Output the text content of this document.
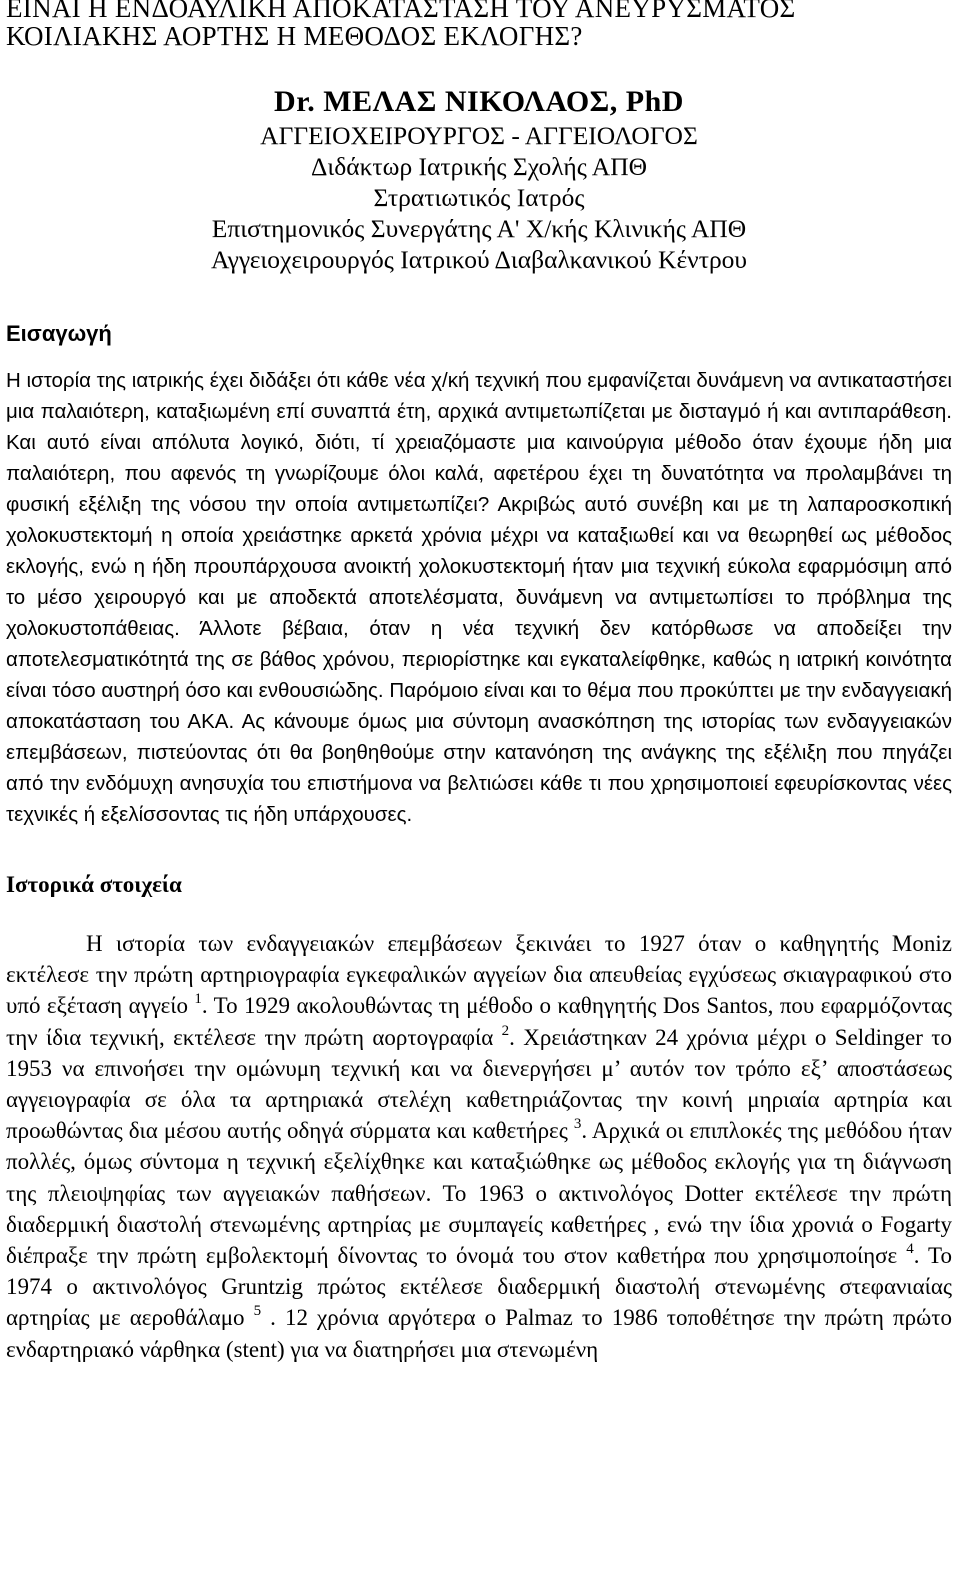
ΕΙΝΑΙ Η ΕΝΔΟΑΥΛΙΚΗ ΑΠΟΚΑΤΑΣΤΑΣΗ ΤΟΥ ΑΝΕΥΡΥΣΜΑΤΟΣ
ΚΟΙΛΙΑΚΗΣ ΑΟΡΤΗΣ Η ΜΕΘΟΔΟΣ ΕΚΛΟΓΗΣ?
Dr. ΜΕΛΑΣ ΝΙΚΟΛΑΟΣ, PhD
ΑΓΓΕΙΟΧΕΙΡΟΥΡΓΟΣ - ΑΓΓΕΙΟΛΟΓΟΣ
Διδάκτωρ Ιατρικής Σχολής ΑΠΘ
Στρατιωτικός Ιατρός
Επιστημονικός Συνεργάτης Α' Χ/κής Κλινικής ΑΠΘ
Αγγειοχειρουργός Ιατρικού Διαβαλκανικού Κέντρου
Εισαγωγή

Η ιστορία της ιατρικής έχει διδάξει ότι κάθε νέα χ/κή τεχνική που εμφανίζεται δυνάμενη να αντικαταστήσει μια παλαιότερη, καταξιωμένη επί συναπτά έτη, αρχικά αντιμετωπίζεται με δισταγμό ή και αντιπαράθεση. Και αυτό είναι απόλυτα λογικό, διότι, τί χρειαζόμαστε μια καινούργια μέθοδο όταν έχουμε ήδη μια παλαιότερη, που αφενός τη γνωρίζουμε όλοι καλά, αφετέρου έχει τη δυνατότητα να προλαμβάνει τη φυσική εξέλιξη της νόσου την οποία αντιμετωπίζει? Ακριβώς αυτό συνέβη και με τη λαπαροσκοπική χολοκυστεκτομή η οποία χρειάστηκε αρκετά χρόνια μέχρι να καταξιωθεί και να θεωρηθεί ως μέθοδος εκλογής, ενώ η ήδη προυπάρχουσα ανοικτή χολοκυστεκτομή ήταν μια τεχνική εύκολα εφαρμόσιμη από το μέσο χειρουργό και με αποδεκτά αποτελέσματα, δυνάμενη να αντιμετωπίσει το πρόβλημα της χολοκυστοπάθειας. Άλλοτε βέβαια, όταν η νέα τεχνική δεν κατόρθωσε να αποδείξει την αποτελεσματικότητά της σε βάθος χρόνου, περιορίστηκε και εγκαταλείφθηκε, καθώς η ιατρική κοινότητα είναι τόσο αυστηρή όσο και ενθουσιώδης. Παρόμοιο είναι και το θέμα που προκύπτει με την ενδαγγειακή αποκατάσταση του ΑΚΑ. Ας κάνουμε όμως μια σύντομη ανασκόπηση της ιστορίας των ενδαγγειακών επεμβάσεων, πιστεύοντας ότι θα βοηθηθούμε στην κατανόηση της ανάγκης της εξέλιξη που πηγάζει από την ενδόμυχη ανησυχία του επιστήμονα να βελτιώσει κάθε τι που χρησιμοποιεί εφευρίσκοντας νέες τεχνικές ή εξελίσσοντας τις ήδη υπάρχουσες.

Ιστορικά στοιχεία

Η ιστορία των ενδαγγειακών επεμβάσεων ξεκινάει το 1927 όταν ο καθηγητής Moniz εκτέλεσε την πρώτη αρτηριογραφία εγκεφαλικών αγγείων δια απευθείας εγχύσεως σκιαγραφικού στο υπό εξέταση αγγείο $^1$. Το 1929 ακολουθώντας τη μέθοδο ο καθηγητής Dos Santos, που εφαρμόζοντας την ίδια τεχνική, εκτέλεσε την πρώτη αορτογραφία $^2$. Χρειάστηκαν 24 χρόνια μέχρι ο Seldinger το 1953 να επινοήσει την ομώνυμη τεχνική και να διενεργήσει μ’ αυτόν τον τρόπο εξ’ αποστάσεως αγγειογραφία σε όλα τα αρτηριακά στελέχη καθετηριάζοντας την κοινή μηριαία αρτηρία και προωθώντας δια μέσου αυτής οδηγά σύρματα και καθετήρες $^3$. Αρχικά οι επιπλοκές της μεθόδου ήταν πολλές, όμως σύντομα η τεχνική εξελίχθηκε και καταξιώθηκε ως μέθοδος εκλογής για τη διάγνωση της πλειοψηφίας των αγγειακών παθήσεων. Το 1963 ο ακτινολόγος Dotter εκτέλεσε την πρώτη διαδερμική διαστολή στενωμένης αρτηρίας με συμπαγείς καθετήρες , ενώ την ίδια χρονιά ο Fogarty διέπραξε την πρώτη εμβολεκτομή δίνοντας το όνομά του στον καθετήρα που χρησιμοποίησε $^4$. Το 1974 ο ακτινολόγος Gruntzig πρώτος εκτέλεσε διαδερμική διαστολή στενωμένης στεφανιαίας αρτηρίας με αεροθάλαμο $^5$ . 12 χρόνια αργότερα ο Palmaz το 1986 τοποθέτησε την πρώτη πρώτο ενδαρτηριακό νάρθηκα (stent) για να διατηρήσει μια στενωμένη
